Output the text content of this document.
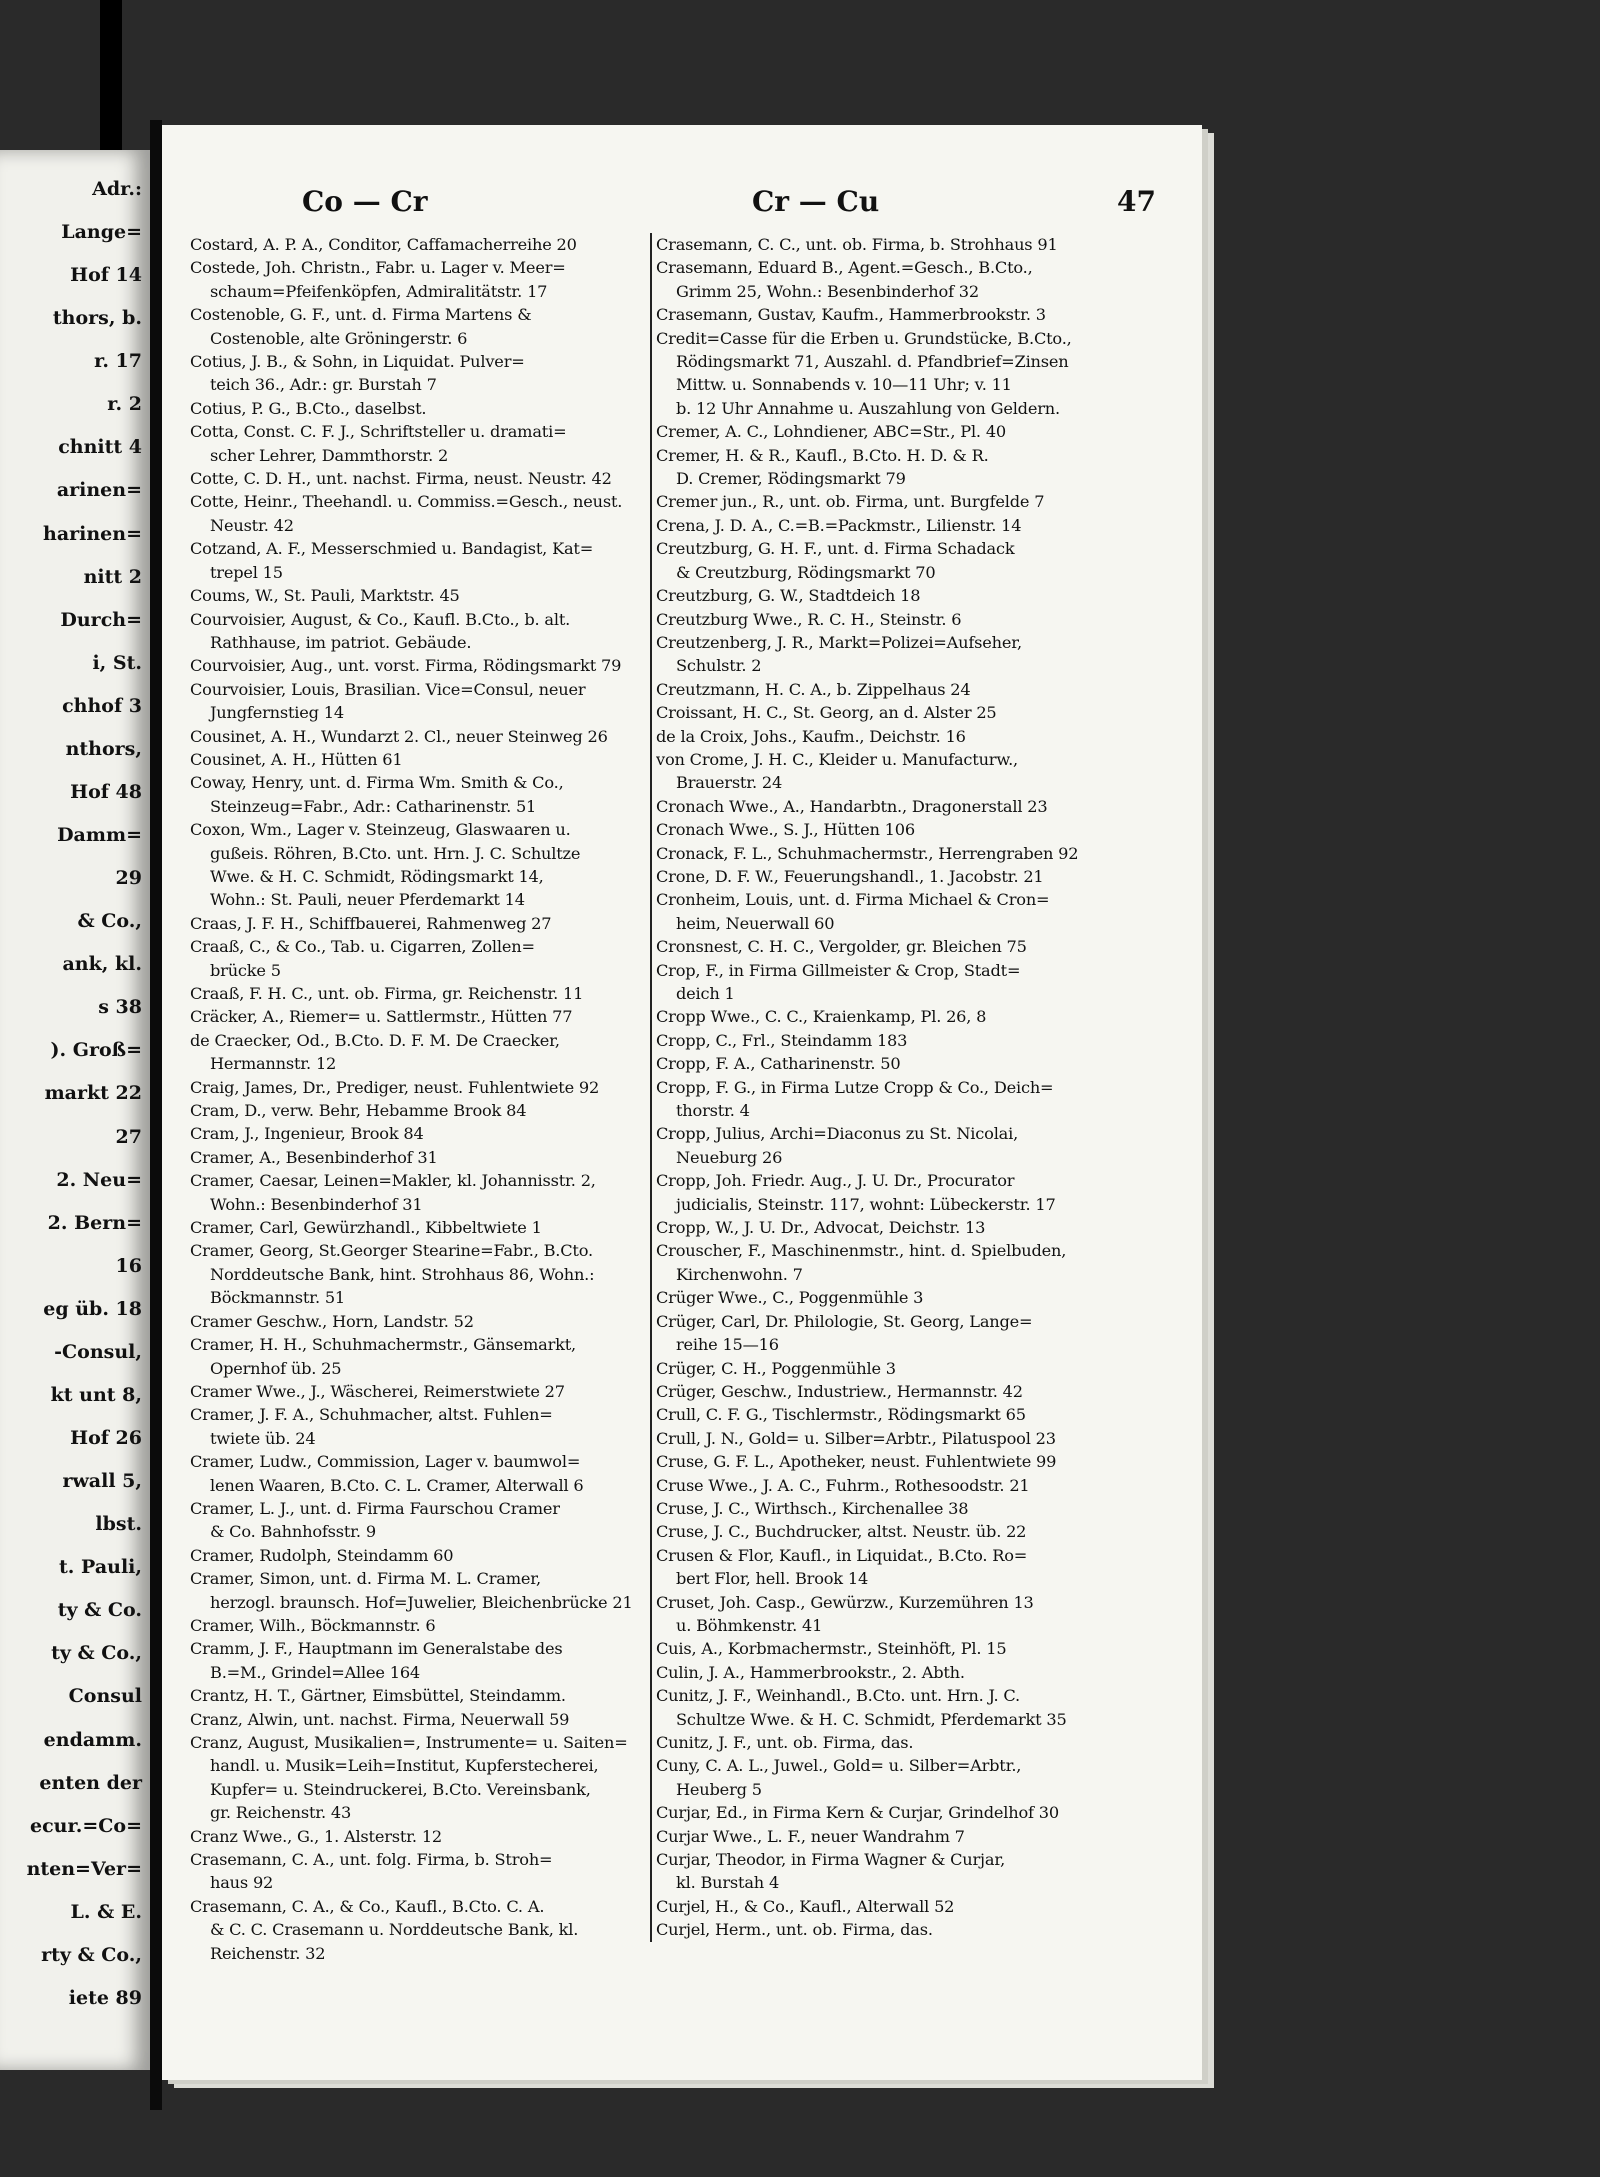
Adr.:
Lange=
Hof 14
thors, b.
r. 17
r. 2
chnitt 4
arinen=
harinen=
nitt 2
Durch=
i, St.
chhof 3
nthors,
Hof 48
Damm=
29
& Co.,
ank, kl.
s 38
). Groß=
markt 22
27
2. Neu=
2. Bern=
16
eg üb. 18
-Consul,
kt unt 8,
Hof 26
rwall 5,
lbst.
t. Pauli,
ty & Co.
ty & Co.,
Consul
endamm.
enten der
ecur.=Co=
nten=Ver=
L. & E.
rty & Co.,
iete 89
Co — Cr	Cr — Cu	47
Costard, A. P. A., Conditor, Caffamacherreihe 20
Costede, Joh. Christn., Fabr. u. Lager v. Meer=
schaum=Pfeifenköpfen, Admiralitätstr. 17
Costenoble, G. F., unt. d. Firma Martens &
Costenoble, alte Gröningerstr. 6
Cotius, J. B., & Sohn, in Liquidat. Pulver=
teich 36., Adr.: gr. Burstah 7
Cotius, P. G., B.Cto., daselbst.
Cotta, Const. C. F. J., Schriftsteller u. dramati=
scher Lehrer, Dammthorstr. 2
Cotte, C. D. H., unt. nachst. Firma, neust. Neustr. 42
Cotte, Heinr., Theehandl. u. Commiss.=Gesch., neust.
Neustr. 42
Cotzand, A. F., Messerschmied u. Bandagist, Kat=
trepel 15
Coums, W., St. Pauli, Marktstr. 45
Courvoisier, August, & Co., Kaufl. B.Cto., b. alt.
Rathhause, im patriot. Gebäude.
Courvoisier, Aug., unt. vorst. Firma, Rödingsmarkt 79
Courvoisier, Louis, Brasilian. Vice=Consul, neuer
Jungfernstieg 14
Cousinet, A. H., Wundarzt 2. Cl., neuer Steinweg 26
Cousinet, A. H., Hütten 61
Coway, Henry, unt. d. Firma Wm. Smith & Co.,
Steinzeug=Fabr., Adr.: Catharinenstr. 51
Coxon, Wm., Lager v. Steinzeug, Glaswaaren u.
gußeis. Röhren, B.Cto. unt. Hrn. J. C. Schultze
Wwe. & H. C. Schmidt, Rödingsmarkt 14,
Wohn.: St. Pauli, neuer Pferdemarkt 14
Craas, J. F. H., Schiffbauerei, Rahmenweg 27
Craaß, C., & Co., Tab. u. Cigarren, Zollen=
brücke 5
Craaß, F. H. C., unt. ob. Firma, gr. Reichenstr. 11
Cräcker, A., Riemer= u. Sattlermstr., Hütten 77
de Craecker, Od., B.Cto. D. F. M. De Craecker,
Hermannstr. 12
Craig, James, Dr., Prediger, neust. Fuhlentwiete 92
Cram, D., verw. Behr, Hebamme Brook 84
Cram, J., Ingenieur, Brook 84
Cramer, A., Besenbinderhof 31
Cramer, Caesar, Leinen=Makler, kl. Johannisstr. 2,
Wohn.: Besenbinderhof 31
Cramer, Carl, Gewürzhandl., Kibbeltwiete 1
Cramer, Georg, St.Georger Stearine=Fabr., B.Cto.
Norddeutsche Bank, hint. Strohhaus 86, Wohn.:
Böckmannstr. 51
Cramer Geschw., Horn, Landstr. 52
Cramer, H. H., Schuhmachermstr., Gänsemarkt,
Opernhof üb. 25
Cramer Wwe., J., Wäscherei, Reimerstwiete 27
Cramer, J. F. A., Schuhmacher, altst. Fuhlen=
twiete üb. 24
Cramer, Ludw., Commission, Lager v. baumwol=
lenen Waaren, B.Cto. C. L. Cramer, Alterwall 6
Cramer, L. J., unt. d. Firma Faurschou Cramer
& Co. Bahnhofsstr. 9
Cramer, Rudolph, Steindamm 60
Cramer, Simon, unt. d. Firma M. L. Cramer,
herzogl. braunsch. Hof=Juwelier, Bleichenbrücke 21
Cramer, Wilh., Böckmannstr. 6
Cramm, J. F., Hauptmann im Generalstabe des
B.=M., Grindel=Allee 164
Crantz, H. T., Gärtner, Eimsbüttel, Steindamm.
Cranz, Alwin, unt. nachst. Firma, Neuerwall 59
Cranz, August, Musikalien=, Instrumente= u. Saiten=
handl. u. Musik=Leih=Institut, Kupferstecherei,
Kupfer= u. Steindruckerei, B.Cto. Vereinsbank,
gr. Reichenstr. 43
Cranz Wwe., G., 1. Alsterstr. 12
Crasemann, C. A., unt. folg. Firma, b. Stroh=
haus 92
Crasemann, C. A., & Co., Kaufl., B.Cto. C. A.
& C. C. Crasemann u. Norddeutsche Bank, kl.
Reichenstr. 32
Crasemann, C. C., unt. ob. Firma, b. Strohhaus 91
Crasemann, Eduard B., Agent.=Gesch., B.Cto.,
Grimm 25, Wohn.: Besenbinderhof 32
Crasemann, Gustav, Kaufm., Hammerbrookstr. 3
Credit=Casse für die Erben u. Grundstücke, B.Cto.,
Rödingsmarkt 71, Auszahl. d. Pfandbrief=Zinsen
Mittw. u. Sonnabends v. 10—11 Uhr; v. 11
b. 12 Uhr Annahme u. Auszahlung von Geldern.
Cremer, A. C., Lohndiener, ABC=Str., Pl. 40
Cremer, H. & R., Kaufl., B.Cto. H. D. & R.
D. Cremer, Rödingsmarkt 79
Cremer jun., R., unt. ob. Firma, unt. Burgfelde 7
Crena, J. D. A., C.=B.=Packmstr., Lilienstr. 14
Creutzburg, G. H. F., unt. d. Firma Schadack
& Creutzburg, Rödingsmarkt 70
Creutzburg, G. W., Stadtdeich 18
Creutzburg Wwe., R. C. H., Steinstr. 6
Creutzenberg, J. R., Markt=Polizei=Aufseher,
Schulstr. 2
Creutzmann, H. C. A., b. Zippelhaus 24
Croissant, H. C., St. Georg, an d. Alster 25
de la Croix, Johs., Kaufm., Deichstr. 16
von Crome, J. H. C., Kleider u. Manufacturw.,
Brauerstr. 24
Cronach Wwe., A., Handarbtn., Dragonerstall 23
Cronach Wwe., S. J., Hütten 106
Cronack, F. L., Schuhmachermstr., Herrengraben 92
Crone, D. F. W., Feuerungshandl., 1. Jacobstr. 21
Cronheim, Louis, unt. d. Firma Michael & Cron=
heim, Neuerwall 60
Cronsnest, C. H. C., Vergolder, gr. Bleichen 75
Crop, F., in Firma Gillmeister & Crop, Stadt=
deich 1
Cropp Wwe., C. C., Kraienkamp, Pl. 26, 8
Cropp, C., Frl., Steindamm 183
Cropp, F. A., Catharinenstr. 50
Cropp, F. G., in Firma Lutze Cropp & Co., Deich=
thorstr. 4
Cropp, Julius, Archi=Diaconus zu St. Nicolai,
Neueburg 26
Cropp, Joh. Friedr. Aug., J. U. Dr., Procurator
judicialis, Steinstr. 117, wohnt: Lübeckerstr. 17
Cropp, W., J. U. Dr., Advocat, Deichstr. 13
Crouscher, F., Maschinenmstr., hint. d. Spielbuden,
Kirchenwohn. 7
Crüger Wwe., C., Poggenmühle 3
Crüger, Carl, Dr. Philologie, St. Georg, Lange=
reihe 15—16
Crüger, C. H., Poggenmühle 3
Crüger, Geschw., Industriew., Hermannstr. 42
Crull, C. F. G., Tischlermstr., Rödingsmarkt 65
Crull, J. N., Gold= u. Silber=Arbtr., Pilatuspool 23
Cruse, G. F. L., Apotheker, neust. Fuhlentwiete 99
Cruse Wwe., J. A. C., Fuhrm., Rothesoodstr. 21
Cruse, J. C., Wirthsch., Kirchenallee 38
Cruse, J. C., Buchdrucker, altst. Neustr. üb. 22
Crusen & Flor, Kaufl., in Liquidat., B.Cto. Ro=
bert Flor, hell. Brook 14
Cruset, Joh. Casp., Gewürzw., Kurzemühren 13
u. Böhmkenstr. 41
Cuis, A., Korbmachermstr., Steinhöft, Pl. 15
Culin, J. A., Hammerbrookstr., 2. Abth.
Cunitz, J. F., Weinhandl., B.Cto. unt. Hrn. J. C.
Schultze Wwe. & H. C. Schmidt, Pferdemarkt 35
Cunitz, J. F., unt. ob. Firma, das.
Cuny, C. A. L., Juwel., Gold= u. Silber=Arbtr.,
Heuberg 5
Curjar, Ed., in Firma Kern & Curjar, Grindelhof 30
Curjar Wwe., L. F., neuer Wandrahm 7
Curjar, Theodor, in Firma Wagner & Curjar,
kl. Burstah 4
Curjel, H., & Co., Kaufl., Alterwall 52
Curjel, Herm., unt. ob. Firma, das.
